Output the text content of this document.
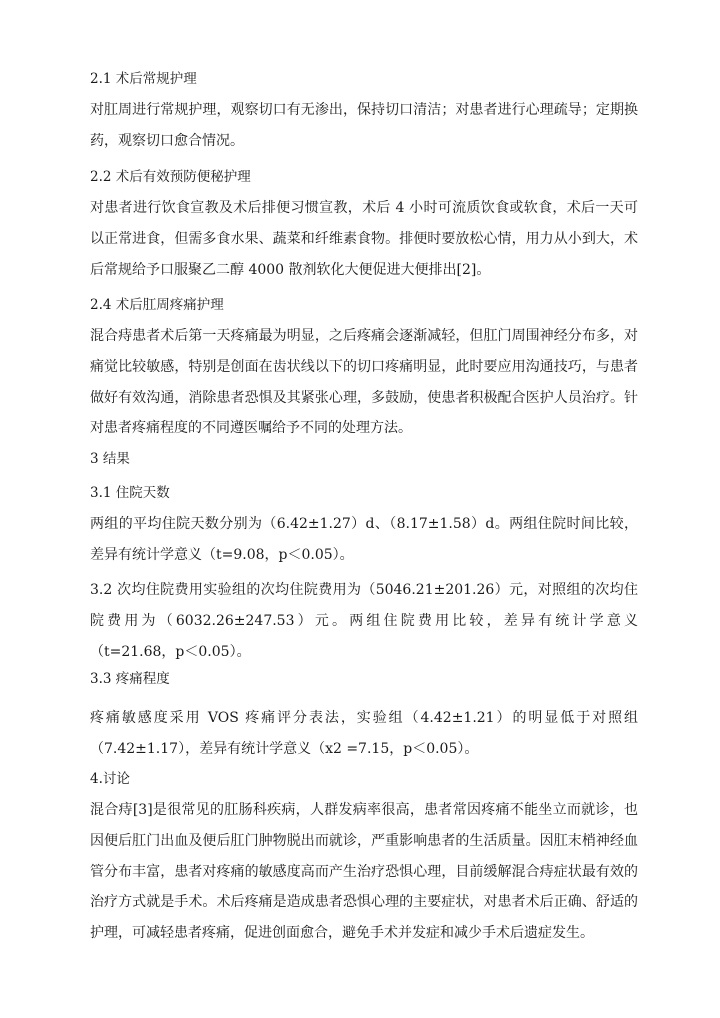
2.1 术后常规护理
对肛周进行常规护理，观察切口有无渗出，保持切口清洁；对患者进行心理疏导；定期换药，观察切口愈合情况。
2.2 术后有效预防便秘护理
对患者进行饮食宣教及术后排便习惯宣教，术后 4 小时可流质饮食或软食，术后一天可以正常进食，但需多食水果、蔬菜和纤维素食物。排便时要放松心情，用力从小到大，术后常规给予口服聚乙二醇 4000 散剂软化大便促进大便排出[2]。
2.4 术后肛周疼痛护理
混合痔患者术后第一天疼痛最为明显，之后疼痛会逐渐减轻，但肛门周围神经分布多，对痛觉比较敏感，特别是创面在齿状线以下的切口疼痛明显，此时要应用沟通技巧，与患者做好有效沟通，消除患者恐惧及其紧张心理，多鼓励，使患者积极配合医护人员治疗。针对患者疼痛程度的不同遵医嘱给予不同的处理方法。
3 结果
3.1 住院天数
两组的平均住院天数分别为（6.42±1.27）d、（8.17±1.58）d。两组住院时间比较，差异有统计学意义（t=9.08，p＜0.05）。
3.2 次均住院费用实验组的次均住院费用为（5046.21±201.26）元，对照组的次均住院费用为（6032.26±247.53）元。两组住院费用比较，差异有统计学意义（t=21.68，p＜0.05）。
3.3 疼痛程度
疼痛敏感度采用 VOS 疼痛评分表法，实验组（4.42±1.21）的明显低于对照组（7.42±1.17），差异有统计学意义（x2 =7.15，p＜0.05）。
4.讨论
混合痔[3]是很常见的肛肠科疾病，人群发病率很高，患者常因疼痛不能坐立而就诊，也因便后肛门出血及便后肛门肿物脱出而就诊，严重影响患者的生活质量。因肛末梢神经血管分布丰富，患者对疼痛的敏感度高而产生治疗恐惧心理，目前缓解混合痔症状最有效的治疗方式就是手术。术后疼痛是造成患者恐惧心理的主要症状，对患者术后正确、舒适的护理，可减轻患者疼痛，促进创面愈合，避免手术并发症和减少手术后遗症发生。
